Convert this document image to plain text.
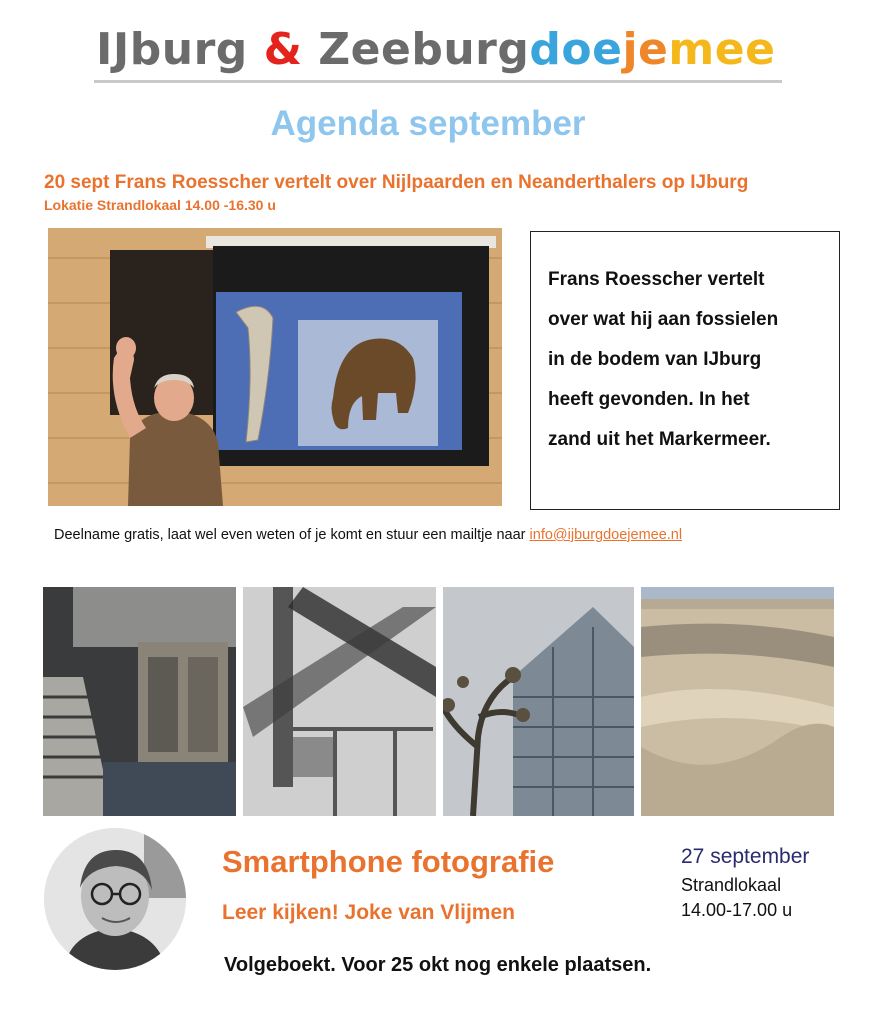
IJburg & Zeeburgdoejemee
Agenda september
20 sept Frans Roesscher vertelt over Nijlpaarden en Neanderthalers op IJburg
Lokatie Strandlokaal 14.00 -16.30 u
Frans Roesscher vertelt
over wat hij aan fossielen
in de bodem van IJburg
heeft gevonden. In het
zand uit het Markermeer.
Deelname gratis, laat wel even weten of je komt en stuur een mailtje naar info@ijburgdoejemee.nl
Smartphone fotografie
Leer kijken! Joke van Vlijmen
27 september
Strandlokaal
14.00-17.00 u
Volgeboekt. Voor 25 okt nog enkele plaatsen.
